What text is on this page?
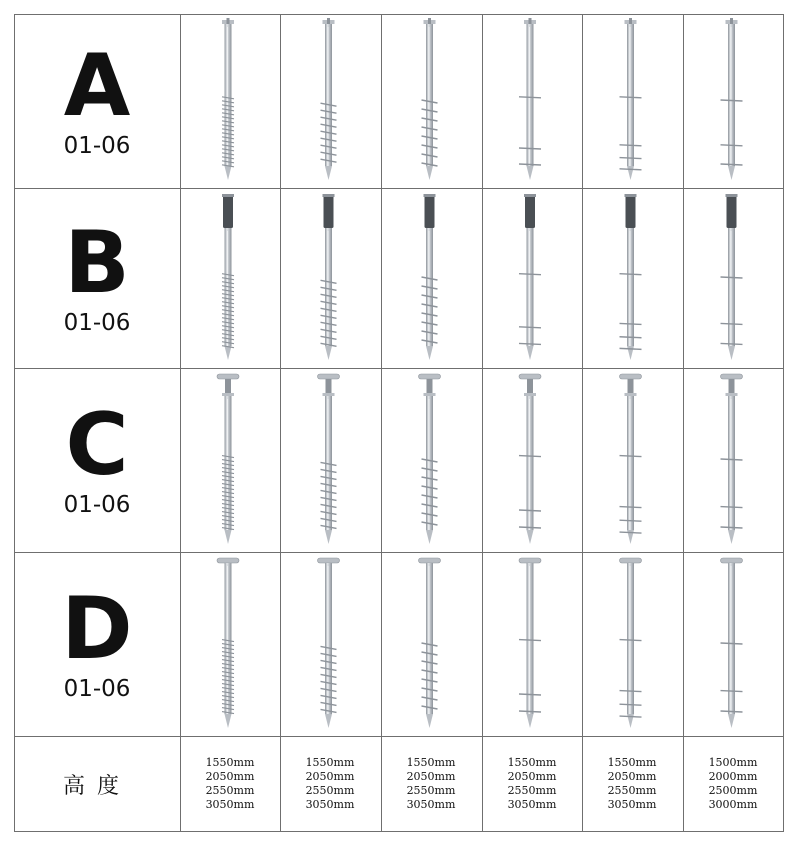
A
01-06
B
01-06
C
01-06
D
01-06
高度
1550mm
2050mm
2550mm
3050mm
1550mm
2050mm
2550mm
3050mm
1550mm
2050mm
2550mm
3050mm
1550mm
2050mm
2550mm
3050mm
1550mm
2050mm
2550mm
3050mm
1500mm
2000mm
2500mm
3000mm
